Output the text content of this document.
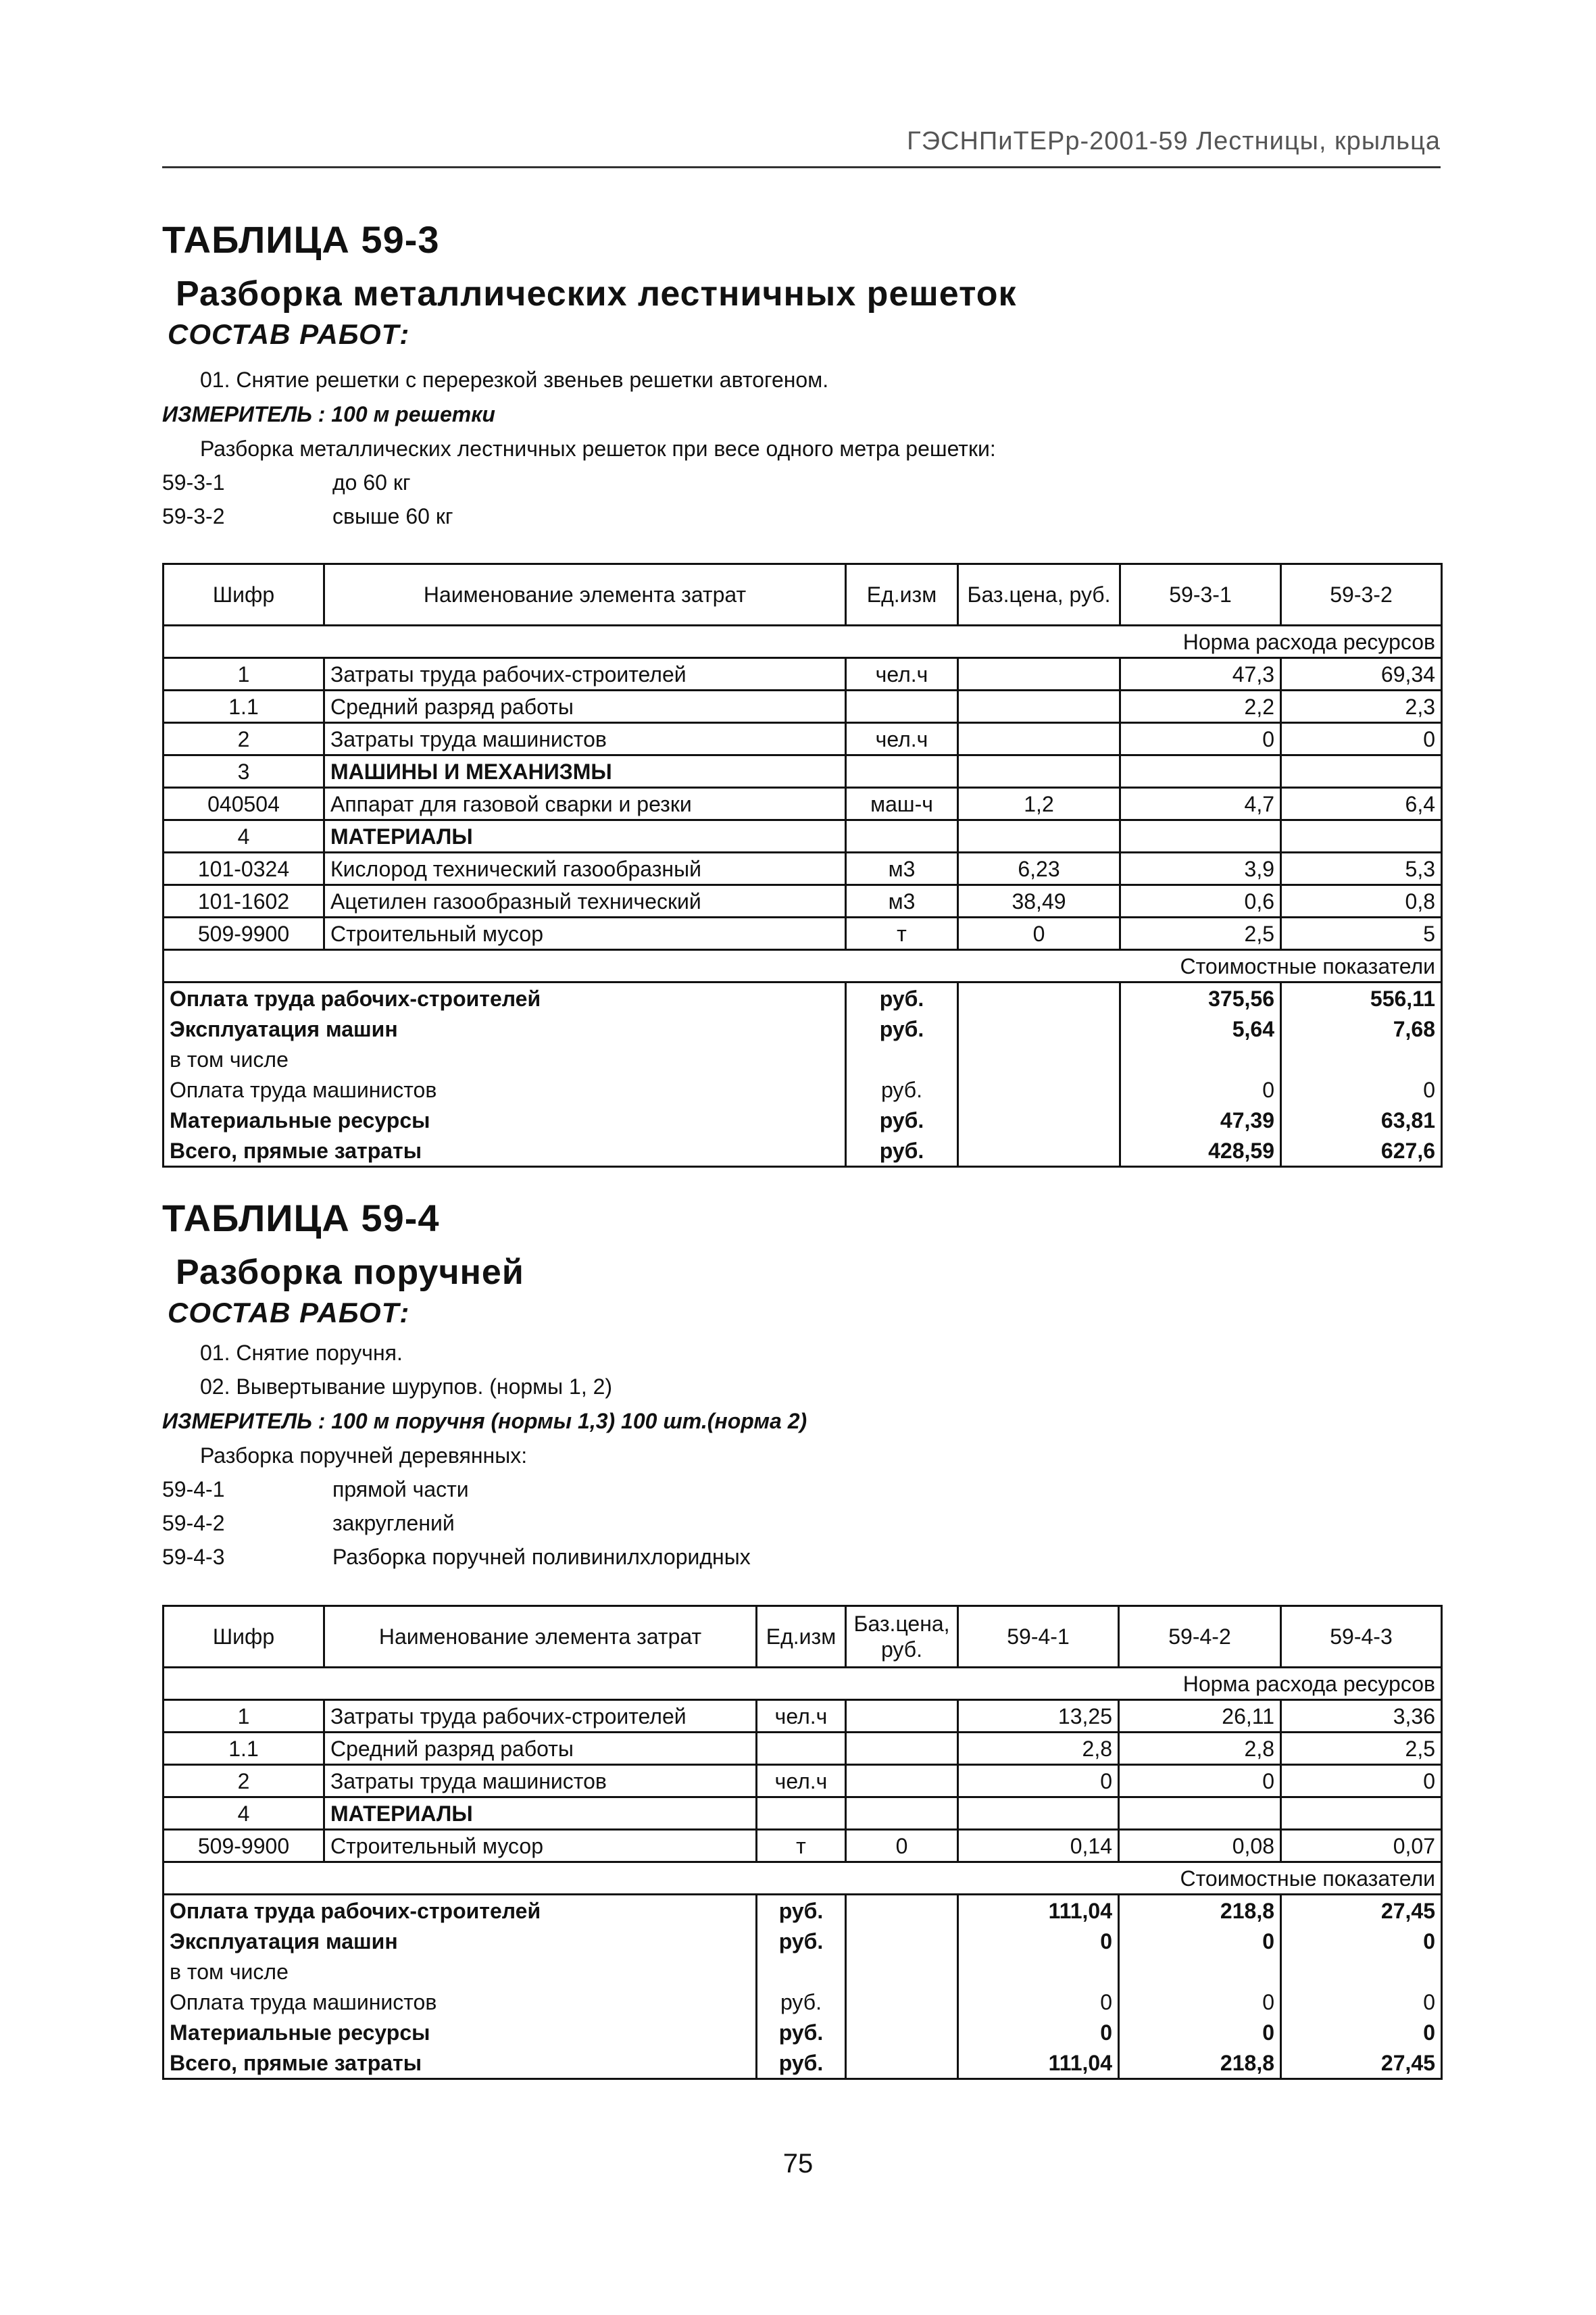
ГЭСНПиТЕРр-2001-59 Лестницы, крыльца

ТАБЛИЦА 59-3

Разборка металлических лестничных решеток

СОСТАВ РАБОТ:

01. Снятие решетки с перерезкой звеньев решетки автогеном.

ИЗМЕРИТЕЛЬ : 100 м решетки

Разборка металлических лестничных решеток при весе одного метра решетки:

59-3-1	до 60 кг
59-3-2	свыше 60 кг
Шифр	Наименование элемента затрат	Ед.изм	Баз.цена, руб.	59-3-1	59-3-2
Норма расхода ресурсов					
1	Затраты труда рабочих-строителей	чел.ч		47,3	69,34
1.1	Средний разряд работы			2,2	2,3
2	Затраты труда машинистов	чел.ч		0	0
3	МАШИНЫ И МЕХАНИЗМЫ				
040504	Аппарат для газовой сварки и резки	маш-ч	1,2	4,7	6,4
4	МАТЕРИАЛЫ				
101-0324	Кислород технический газообразный	м3	6,23	3,9	5,3
101-1602	Ацетилен газообразный технический	м3	38,49	0,6	0,8
509-9900	Строительный мусор	т	0	2,5	5
Стоимостные показатели					
Оплата труда рабочих-строителей		руб.		375,56	556,11
Эксплуатация машин		руб.		5,64	7,68
в том числе					
Оплата труда машинистов		руб.		0	0
Материальные ресурсы		руб.		47,39	63,81
Всего, прямые затраты		руб.		428,59	627,6

ТАБЛИЦА 59-4

Разборка поручней

СОСТАВ РАБОТ:

01. Снятие поручня.

02. Вывертывание шурупов. (нормы 1, 2)

ИЗМЕРИТЕЛЬ : 100 м поручня (нормы 1,3) 100 шт.(норма 2)

Разборка поручней деревянных:

59-4-1	прямой части
59-4-2	закруглений
59-4-3	Разборка поручней поливинилхлоридных
Шифр	Наименование элемента затрат	Ед.изм	Баз.цена, руб.	59-4-1	59-4-2	59-4-3
Норма расхода ресурсов						
1	Затраты труда рабочих-строителей	чел.ч		13,25	26,11	3,36
1.1	Средний разряд работы			2,8	2,8	2,5
2	Затраты труда машинистов	чел.ч		0	0	0
4	МАТЕРИАЛЫ					
509-9900	Строительный мусор	т	0	0,14	0,08	0,07
Стоимостные показатели						
Оплата труда рабочих-строителей		руб.		111,04	218,8	27,45
Эксплуатация машин		руб.		0	0	0
в том числе						
Оплата труда машинистов		руб.		0	0	0
Материальные ресурсы		руб.		0	0	0
Всего, прямые затраты		руб.		111,04	218,8	27,45
75
